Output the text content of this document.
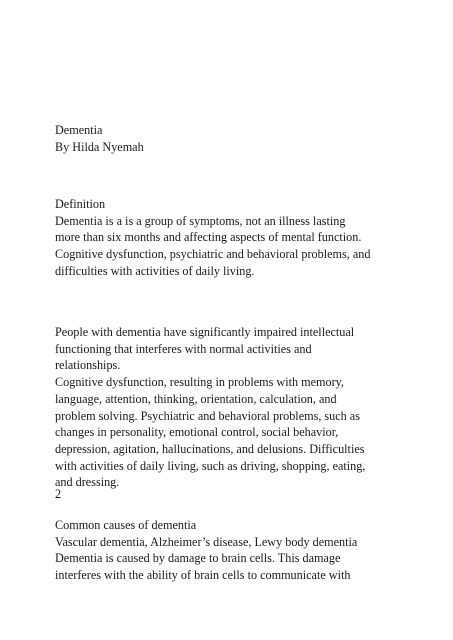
Dementia
By Hilda Nyemah
Definition
Dementia is a is a group of symptoms, not an illness lasting
more than six months and affecting aspects of mental function.
Cognitive dysfunction, psychiatric and behavioral problems, and
difficulties with activities of daily living.
People with dementia have significantly impaired intellectual
functioning that interferes with normal activities and
relationships.
Cognitive dysfunction, resulting in problems with memory,
language, attention, thinking, orientation, calculation, and
problem solving. Psychiatric and behavioral problems, such as
changes in personality, emotional control, social behavior,
depression, agitation, hallucinations, and delusions. Difficulties
with activities of daily living, such as driving, shopping, eating,
and dressing.
2
Common causes of dementia
Vascular dementia, Alzheimer’s disease, Lewy body dementia
Dementia is caused by damage to brain cells. This damage
interferes with the ability of brain cells to communicate with
